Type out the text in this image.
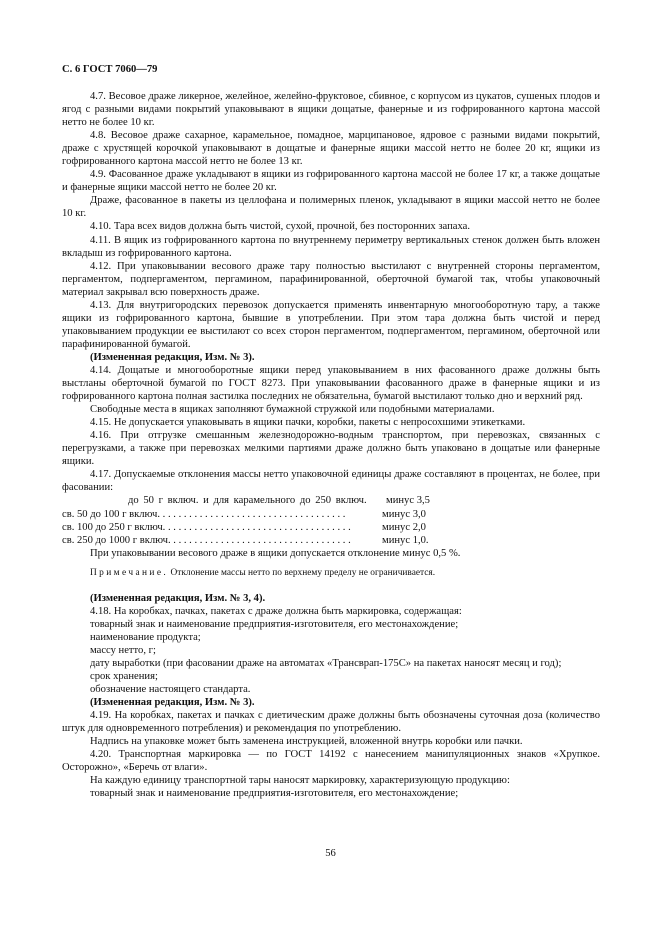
С. 6 ГОСТ 7060—79

4.7. Весовое драже ликерное, желейное, желейно-фруктовое, сбивное, с корпусом из цукатов, сушеных плодов и ягод с разными видами покрытий упаковывают в ящики дощатые, фанерные и из гофрированного картона массой нетто не более 10 кг.

4.8. Весовое драже сахарное, карамельное, помадное, марципановое, ядровое с разными видами покрытий, драже с хрустящей корочкой упаковывают в дощатые и фанерные ящики массой нетто не более 20 кг, ящики из гофрированного картона массой нетто не более 13 кг.

4.9. Фасованное драже укладывают в ящики из гофрированного картона массой не более 17 кг, а также дощатые и фанерные ящики массой нетто не более 20 кг.

Драже, фасованное в пакеты из целлофана и полимерных пленок, укладывают в ящики массой нетто не более 10 кг.

4.10. Тара всех видов должна быть чистой, сухой, прочной, без посторонних запаха.

4.11. В ящик из гофрированного картона по внутреннему периметру вертикальных стенок должен быть вложен вкладыш из гофрированного картона.

4.12. При упаковывании весового драже тару полностью выстилают с внутренней стороны пергаментом, пергаментом, подпергаментом, пергамином, парафинированной, оберточной бумагой так, чтобы упаковочный материал закрывал всю поверхность драже.

4.13. Для внутригородских перевозок допускается применять инвентарную многооборотную тару, а также ящики из гофрированного картона, бывшие в употреблении. При этом тара должна быть чистой и перед упаковыванием продукции ее выстилают со всех сторон пергаментом, подпергаментом, пергамином, оберточной или парафинированной бумагой.

(Измененная редакция, Изм. № 3).

4.14. Дощатые и многооборотные ящики перед упаковыванием в них фасованного драже должны быть выстланы оберточной бумагой по ГОСТ 8273. При упаковывании фасованного драже в фанерные ящики и из гофрированного картона полная застилка последних не обязательна, бумагой выстилают только дно и верхний ряд.

Свободные места в ящиках заполняют бумажной стружкой или подобными материалами.

4.15. Не допускается упаковывать в ящики пачки, коробки, пакеты с непросохшими этикетками.

4.16. При отгрузке смешанным железнодорожно-водным транспортом, при перевозках, связанных с перегрузками, а также при перевозках мелкими партиями драже должно быть упаковано в дощатые или фанерные ящики.

4.17. Допускаемые отклонения массы нетто упаковочной единицы драже составляют в процентах, не более, при фасовании:

до 50 г включ. и для карамельного до 250 включ.	минус 3,5
св. 50 до 100 г включ. . . . . . . . . . . . . . . . . . . . . . . . . . . . . . . . . . . .	минус 3,0
св. 100 до 250 г включ. . . . . . . . . . . . . . . . . . . . . . . . . . . . . . . . . . . .	минус 2,0
св. 250 до 1000 г включ. . . . . . . . . . . . . . . . . . . . . . . . . . . . . . . . . . .	минус 1,0.

При упаковывании весового драже в ящики допускается отклонение минус 0,5 %.

Примечание. Отклонение массы нетто по верхнему пределу не ограничивается.

(Измененная редакция, Изм. № 3, 4).

4.18. На коробках, пачках, пакетах с драже должна быть маркировка, содержащая:

товарный знак и наименование предприятия-изготовителя, его местонахождение;

наименование продукта;

массу нетто, г;

дату выработки (при фасовании драже на автоматах «Трансврап-175С» на пакетах наносят месяц и год);

срок хранения;

обозначение настоящего стандарта.

(Измененная редакция, Изм. № 3).

4.19. На коробках, пакетах и пачках с диетическим драже должны быть обозначены суточная доза (количество штук для одновременного потребления) и рекомендация по употреблению.

Надпись на упаковке может быть заменена инструкцией, вложенной внутрь коробки или пачки.

4.20. Транспортная маркировка — по ГОСТ 14192 с нанесением манипуляционных знаков «Хрупкое. Осторожно», «Беречь от влаги».

На каждую единицу транспортной тары наносят маркировку, характеризующую продукцию:

товарный знак и наименование предприятия-изготовителя, его местонахождение;

56
